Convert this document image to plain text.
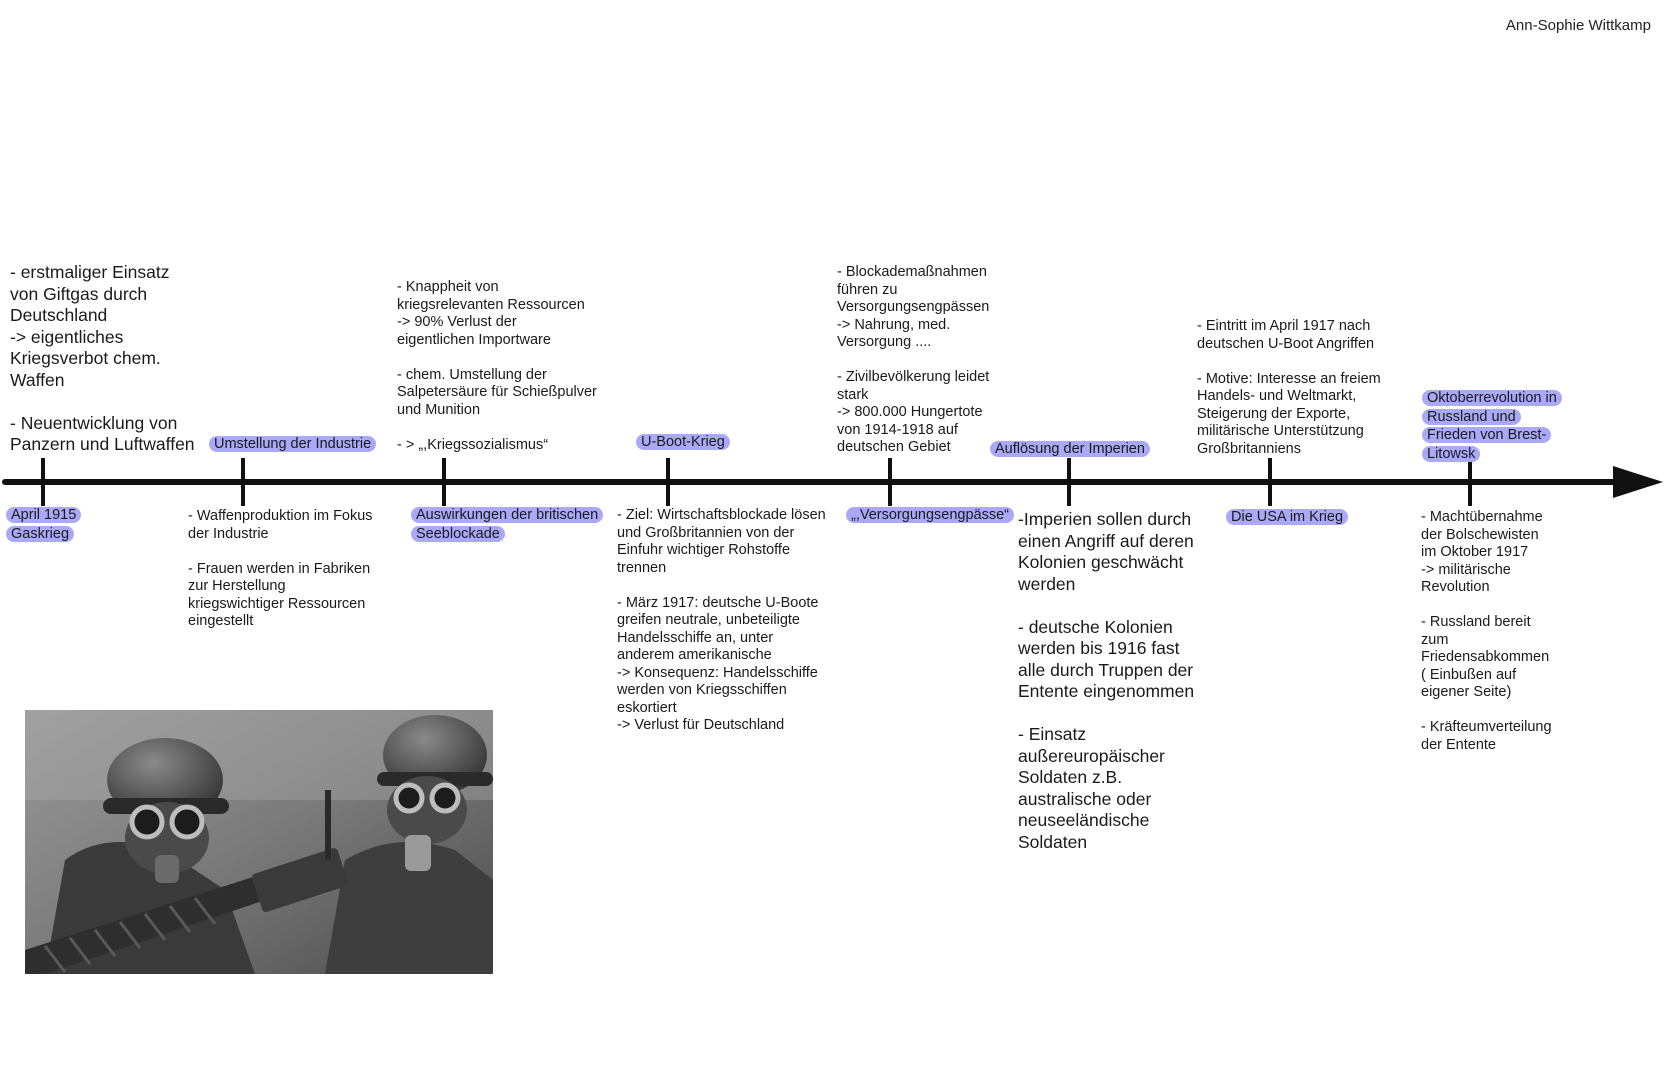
Ann-Sophie Wittkamp

- erstmaliger Einsatz
von Giftgas durch
Deutschland
-> eigentliches
Kriegsverbot chem.
Waffen

- Neuentwicklung von
Panzern und Luftwaffen

April 1915
Gaskrieg
Umstellung der Industrie

- Waffenproduktion im Fokus
der Industrie

- Frauen werden in Fabriken
zur Herstellung
kriegswichtiger Ressourcen
eingestellt

- Knappheit von
kriegsrelevanten Ressourcen
-> 90% Verlust der
eigentlichen Importware

- chem. Umstellung der
Salpetersäure für Schießpulver
und Munition

- > „,Kriegssozialismus“

Auswirkungen der britischen
Seeblockade
U-Boot-Krieg

- Ziel: Wirtschaftsblockade lösen
und Großbritannien von der
Einfuhr wichtiger Rohstoffe
trennen

- März 1917: deutsche U-Boote
greifen neutrale, unbeteiligte
Handelsschiffe an, unter
anderem amerikanische
-> Konsequenz: Handelsschiffe
werden von Kriegsschiffen
eskortiert
-> Verlust für Deutschland

- Blockademaßnahmen
führen zu
Versorgungsengpässen
-> Nahrung, med.
Versorgung ....

- Zivilbevölkerung leidet
stark
-> 800.000 Hungertote
von 1914-1918 auf
deutschen Gebiet

„,Versorgungsengpässe“
Auflösung der Imperien

-Imperien sollen durch
einen Angriff auf deren
Kolonien geschwächt
werden

- deutsche Kolonien
werden bis 1916 fast
alle durch Truppen der
Entente eingenommen

- Einsatz
außereuropäischer
Soldaten z.B.
australische oder
neuseeländische
Soldaten

- Eintritt im April 1917 nach
deutschen U-Boot Angriffen

- Motive: Interesse an freiem
Handels- und Weltmarkt,
Steigerung der Exporte,
militärische Unterstützung
Großbritanniens

Die USA im Krieg
Oktoberrevolution in
Russland und
Frieden von Brest-
Litowsk

- Machtübernahme
der Bolschewisten
im Oktober 1917
-> militärische
Revolution

- Russland bereit
zum
Friedensabkommen
( Einbußen auf
eigener Seite)

- Kräfteumverteilung
der Entente
